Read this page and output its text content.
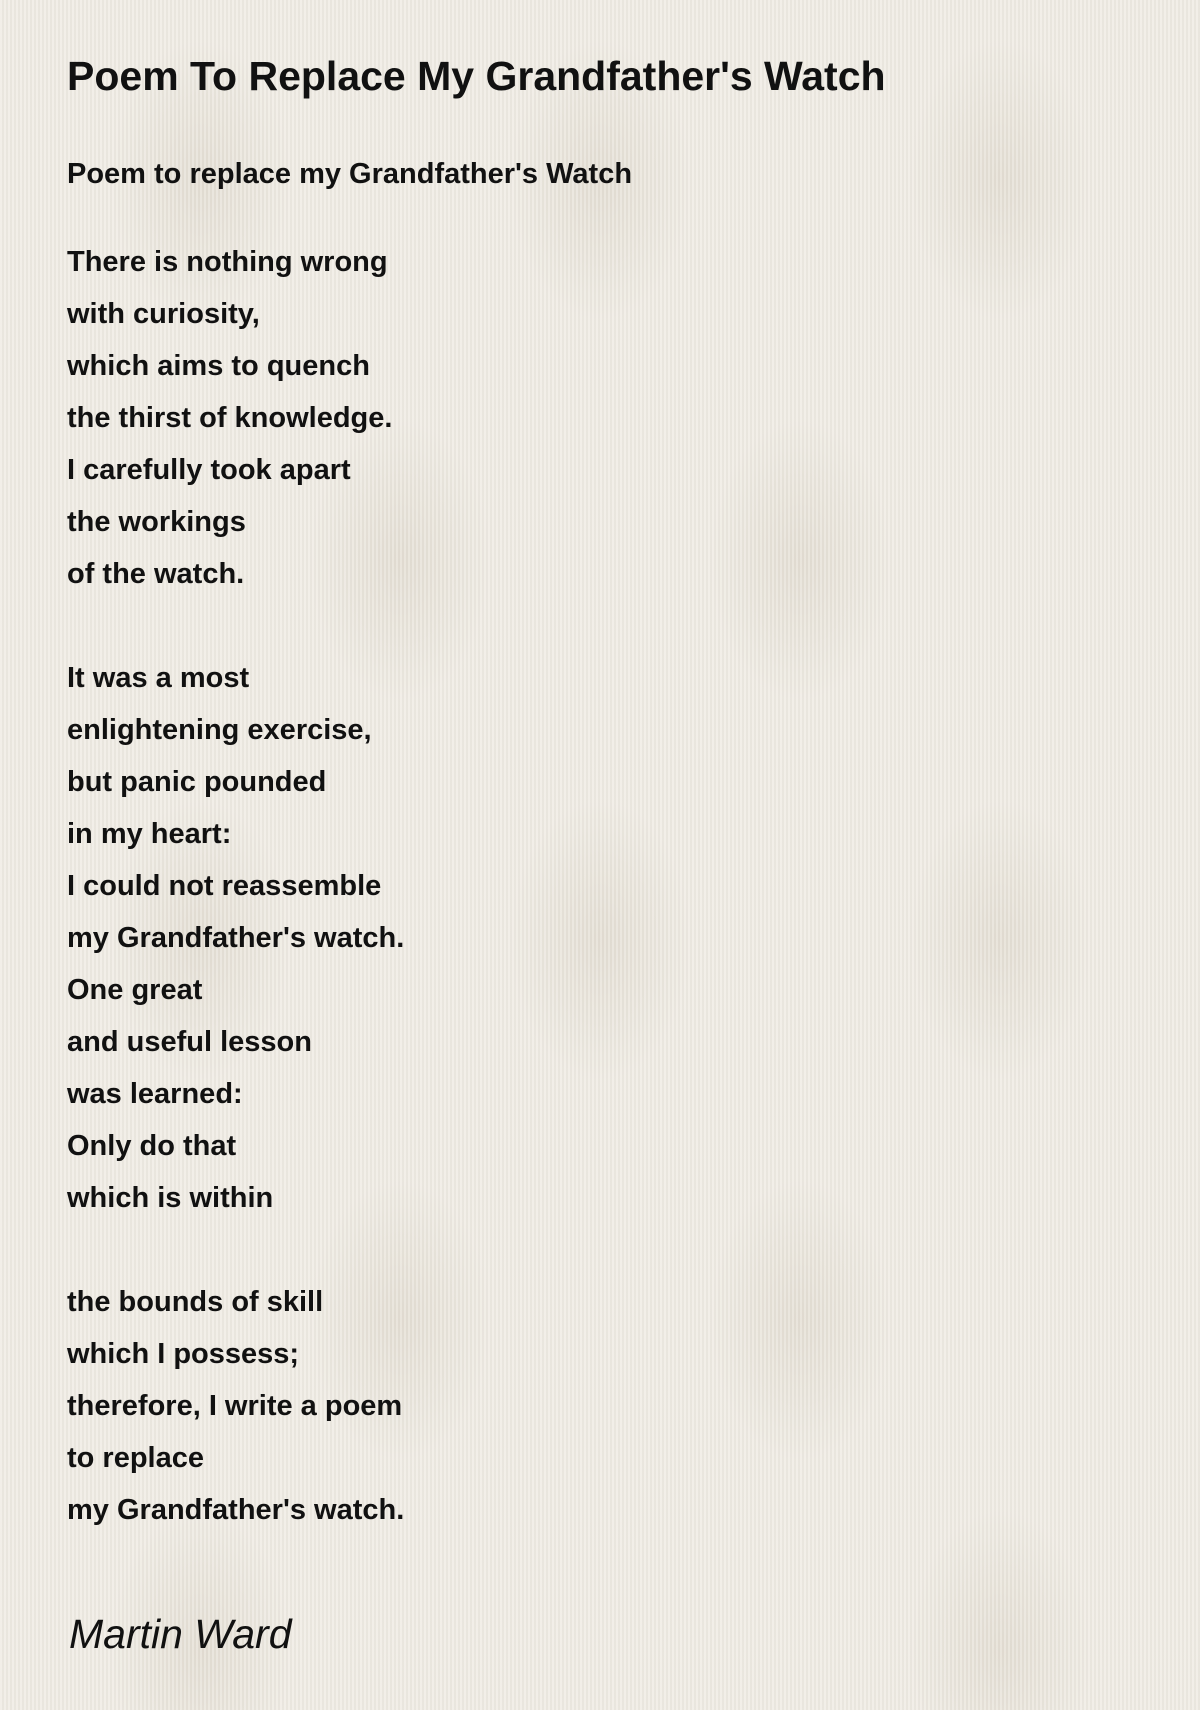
Poem To Replace My Grandfather's Watch

Poem to replace my Grandfather's Watch

There is nothing wrong
with curiosity,
which aims to quench
the thirst of knowledge.
I carefully took apart
the workings
of the watch.
It was a most
enlightening exercise,
but panic pounded
in my heart:
I could not reassemble
my Grandfather's watch.
One great
and useful lesson
was learned:
Only do that
which is within
the bounds of skill
which I possess;
therefore, I write a poem
to replace
my Grandfather's watch.
Martin Ward
